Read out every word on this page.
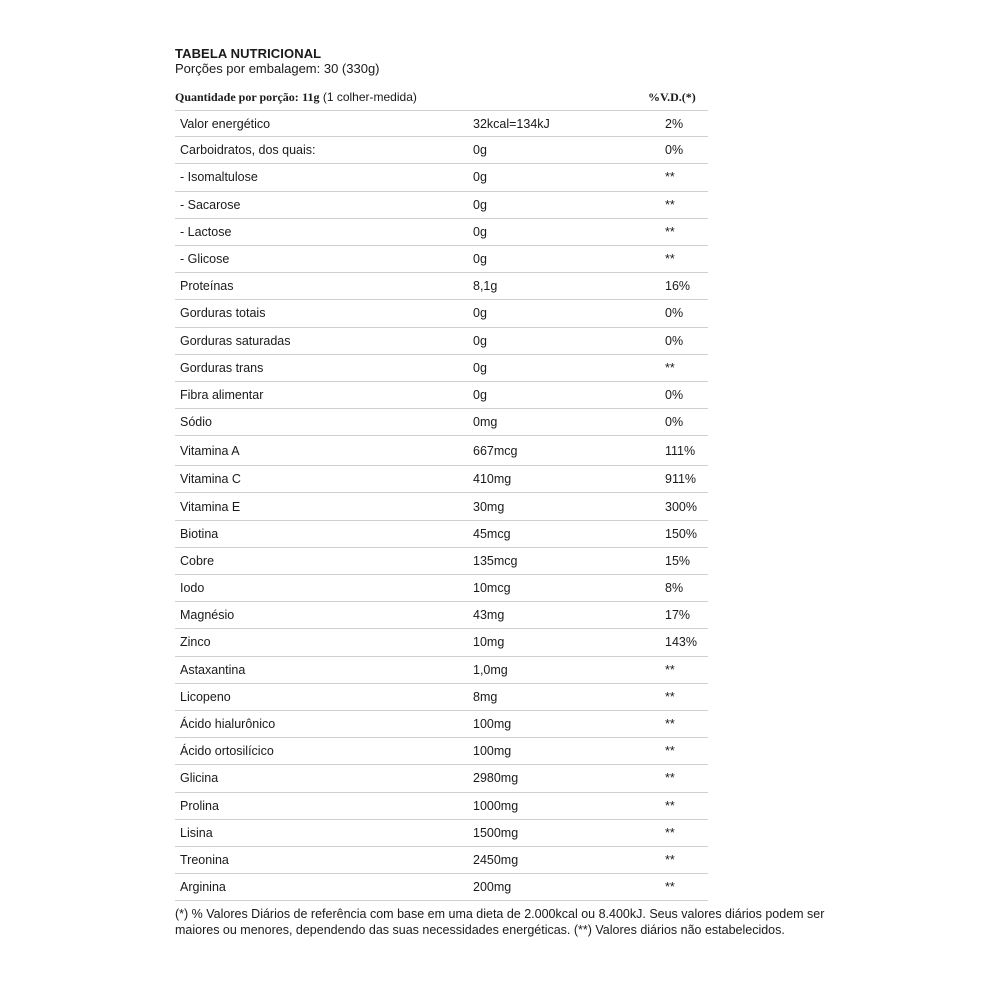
TABELA NUTRICIONAL
Porções por embalagem: 30 (330g)
Quantidade por porção: 11g (1 colher-medida)	%V.D.(*)
Valor energético	32kcal=134kJ	2%
Carboidratos, dos quais:	0g	0%
- Isomaltulose	0g	**
- Sacarose	0g	**
- Lactose	0g	**
- Glicose	0g	**
Proteínas	8,1g	16%
Gorduras totais	0g	0%
Gorduras saturadas	0g	0%
Gorduras trans	0g	**
Fibra alimentar	0g	0%
Sódio	0mg	0%
Vitamina A	667mcg	111%
Vitamina C	410mg	911%
Vitamina E	30mg	300%
Biotina	45mcg	150%
Cobre	135mcg	15%
Iodo	10mcg	8%
Magnésio	43mg	17%
Zinco	10mg	143%
Astaxantina	1,0mg	**
Licopeno	8mg	**
Ácido hialurônico	100mg	**
Ácido ortosilícico	100mg	**
Glicina	2980mg	**
Prolina	1000mg	**
Lisina	1500mg	**
Treonina	2450mg	**
Arginina	200mg	**
(*) % Valores Diários de referência com base em uma dieta de 2.000kcal ou 8.400kJ. Seus valores diários podem ser maiores ou menores, dependendo das suas necessidades energéticas. (**) Valores diários não estabelecidos.
